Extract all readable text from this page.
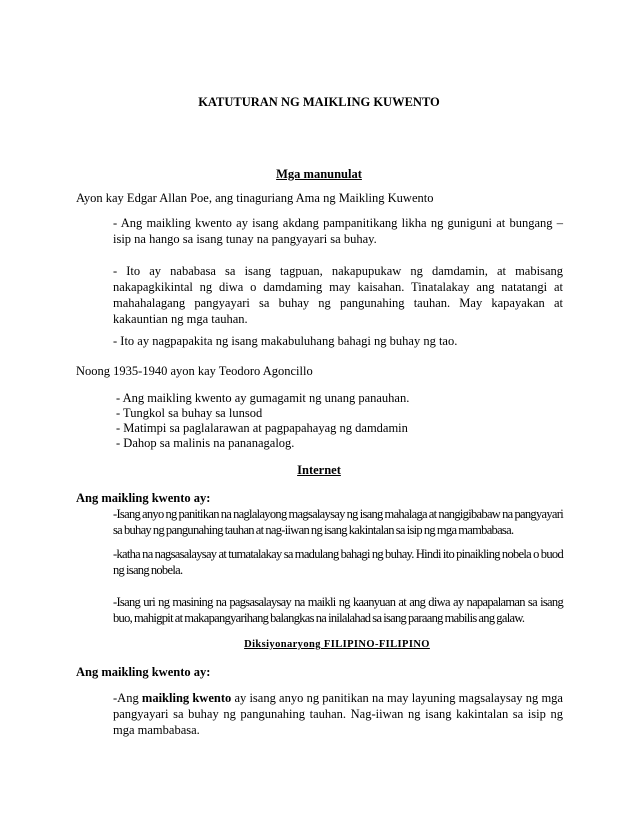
KATUTURAN NG MAIKLING KUWENTO
Mga manunulat
Ayon kay Edgar Allan Poe, ang tinaguriang Ama ng Maikling Kuwento
- Ang maikling kwento ay isang akdang pampanitikang likha ng guniguni at bungang – isip na hango sa isang tunay na pangyayari sa buhay.
- Ito ay nababasa sa isang tagpuan, nakapupukaw ng damdamin, at mabisang nakapagkikintal ng diwa o damdaming may kaisahan. Tinatalakay ang natatangi at mahahalagang pangyayari sa buhay ng pangunahing tauhan. May kapayakan at kakauntian ng mga tauhan.
- Ito ay nagpapakita ng isang makabuluhang bahagi ng buhay ng tao.
Noong 1935-1940 ayon kay Teodoro Agoncillo
- Ang maikling kwento ay gumagamit ng unang panauhan.
- Tungkol sa buhay sa lunsod
- Matimpi sa paglalarawan at pagpapahayag ng damdamin
- Dahop sa malinis na pananagalog.
Internet
Ang maikling kwento ay:
-Isang anyo ng panitikan na naglalayong magsalaysay ng isang mahalaga at nangigibabaw na pangyayari sa buhay ng pangunahing tauhan at nag-iiwan ng isang kakintalan sa isip ng mga mambabasa.
-katha na nagsasalaysay at tumatalakay sa madulang bahagi ng buhay. Hindi ito pinaikling nobela o buod ng isang nobela.
-Isang uri ng masining na pagsasalaysay na maikli ng kaanyuan at ang diwa ay napapalaman sa isang buo, mahigpit at makapangyarihang balangkas na inilalahad sa isang paraang mabilis ang galaw.
Diksiyonaryong FILIPINO-FILIPINO
Ang maikling kwento ay:
-Ang maikling kwento ay isang anyo ng panitikan na may layuning magsalaysay ng mga pangyayari sa buhay ng pangunahing tauhan. Nag-iiwan ng isang kakintalan sa isip ng mga mambabasa.
